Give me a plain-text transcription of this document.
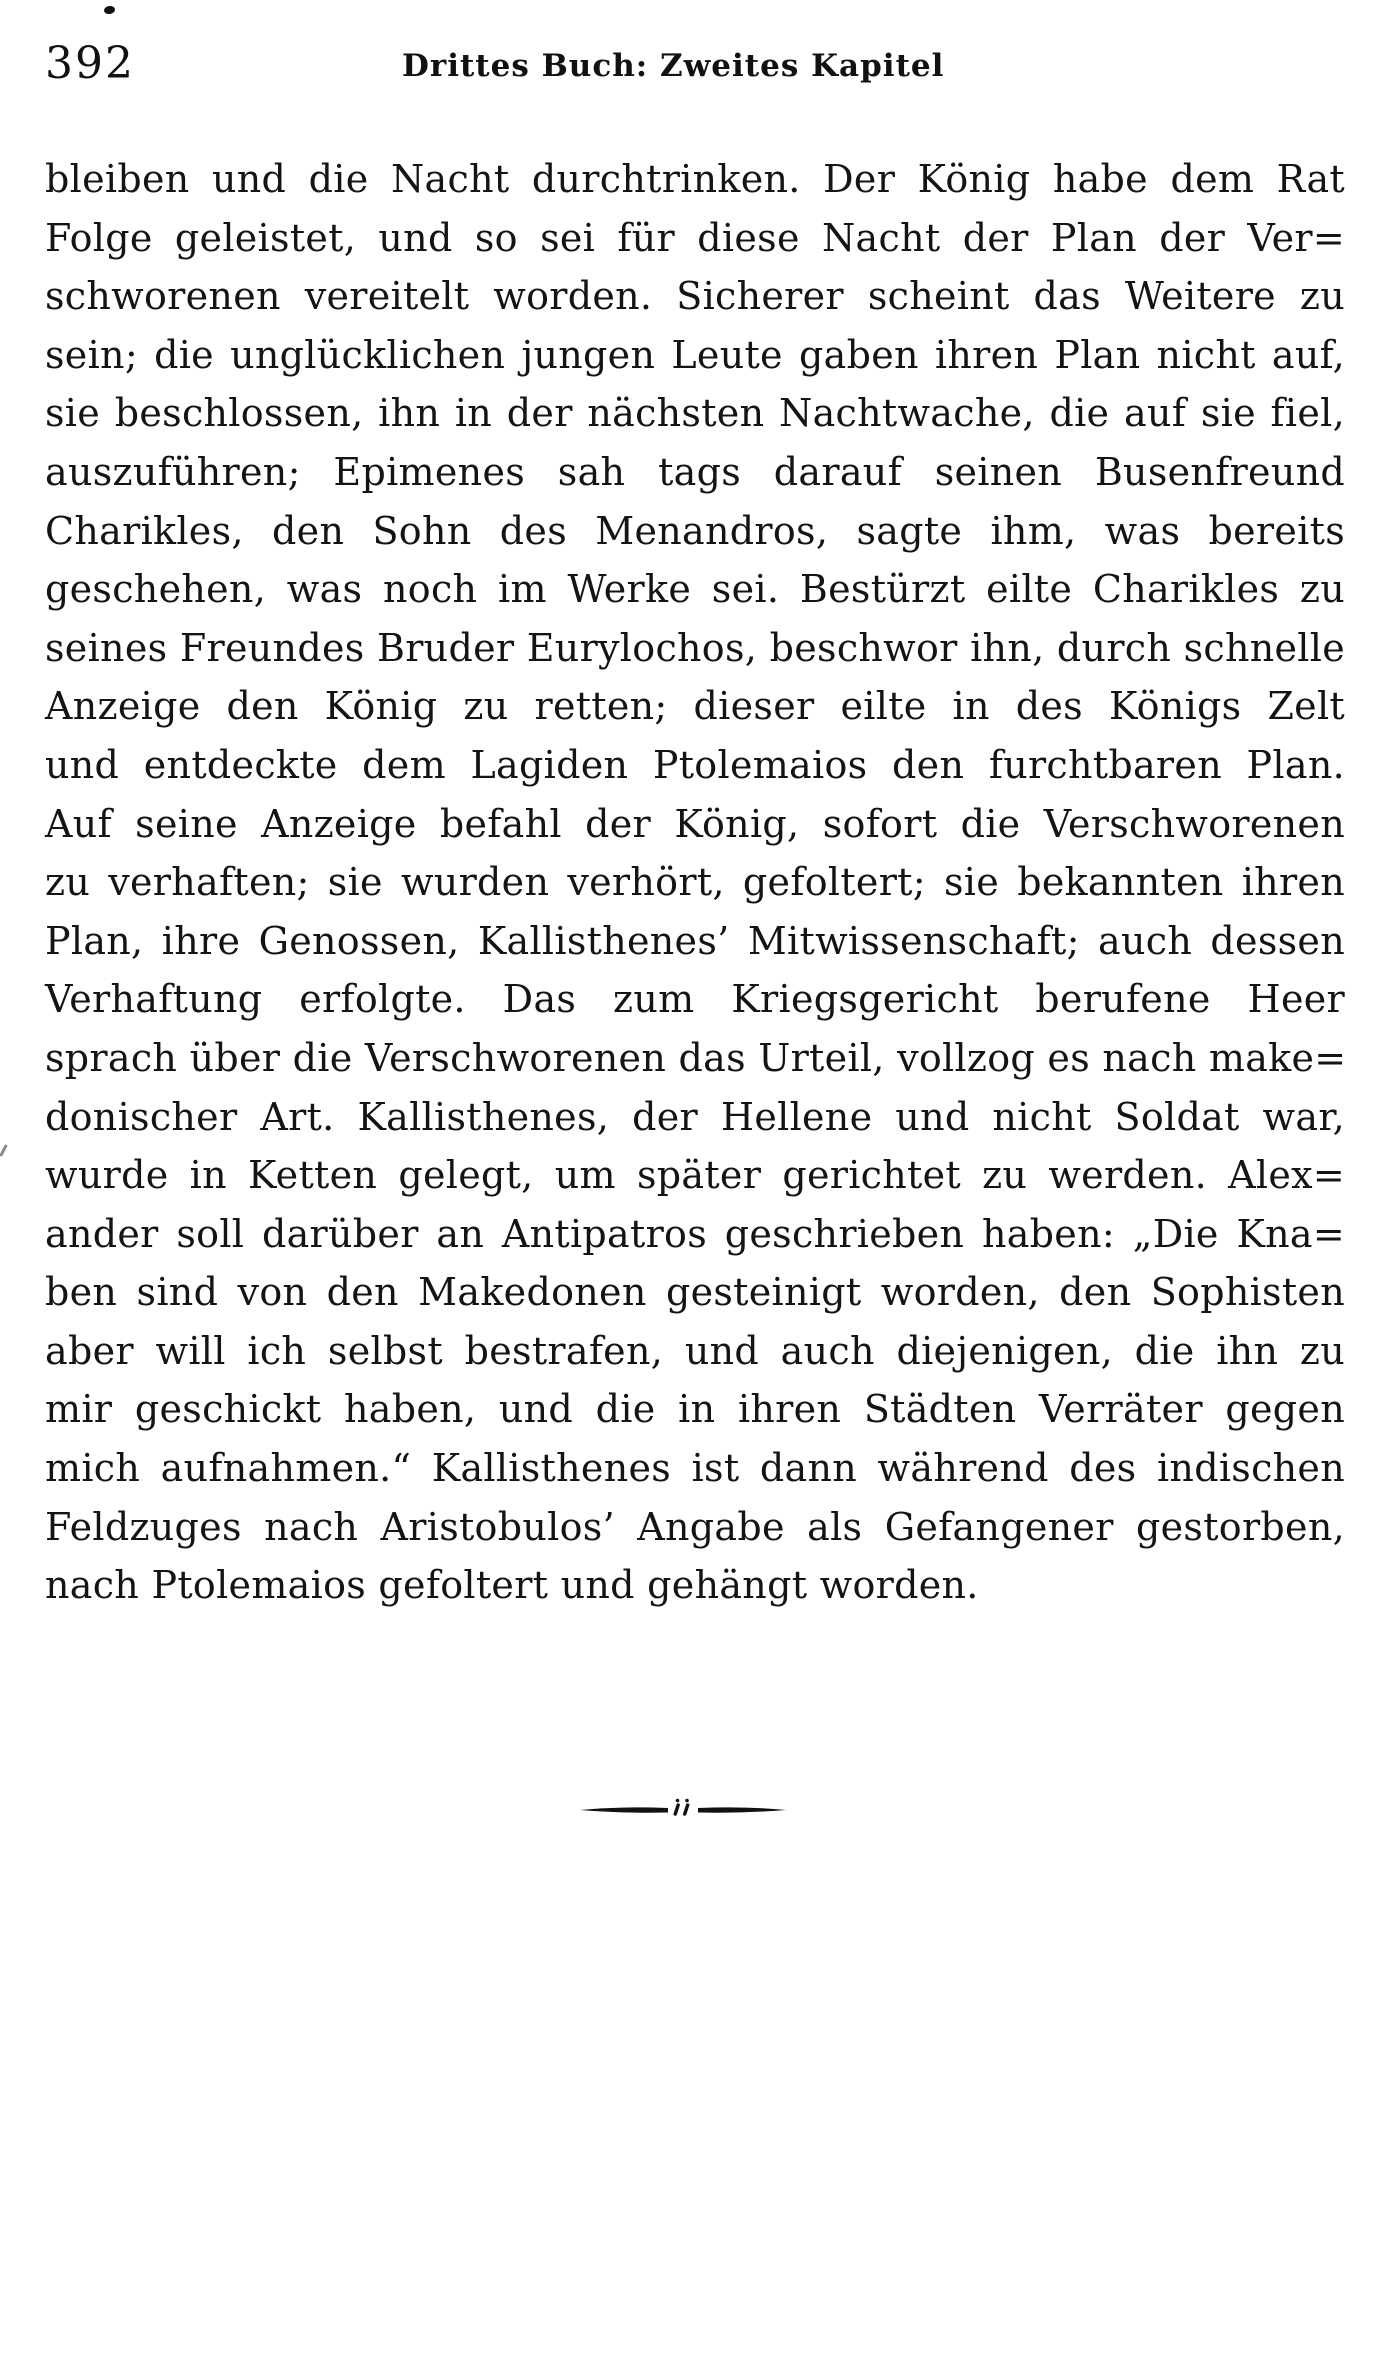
392	Drittes Buch: Zweites Kapitel
bleiben und die Nacht durchtrinken. Der König habe dem Rat
Folge geleistet, und so sei für diese Nacht der Plan der Ver=
schworenen vereitelt worden. Sicherer scheint das Weitere zu
sein; die unglücklichen jungen Leute gaben ihren Plan nicht auf,
sie beschlossen, ihn in der nächsten Nachtwache, die auf sie fiel,
auszuführen; Epimenes sah tags darauf seinen Busenfreund
Charikles, den Sohn des Menandros, sagte ihm, was bereits
geschehen, was noch im Werke sei. Bestürzt eilte Charikles zu
seines Freundes Bruder Eurylochos, beschwor ihn, durch schnelle
Anzeige den König zu retten; dieser eilte in des Königs Zelt
und entdeckte dem Lagiden Ptolemaios den furchtbaren Plan.
Auf seine Anzeige befahl der König, sofort die Verschworenen
zu verhaften; sie wurden verhört, gefoltert; sie bekannten ihren
Plan, ihre Genossen, Kallisthenes’ Mitwissenschaft; auch dessen
Verhaftung erfolgte. Das zum Kriegsgericht berufene Heer
sprach über die Verschworenen das Urteil, vollzog es nach make=
donischer Art. Kallisthenes, der Hellene und nicht Soldat war,
wurde in Ketten gelegt, um später gerichtet zu werden. Alex=
ander soll darüber an Antipatros geschrieben haben: „Die Kna=
ben sind von den Makedonen gesteinigt worden, den Sophisten
aber will ich selbst bestrafen, und auch diejenigen, die ihn zu
mir geschickt haben, und die in ihren Städten Verräter gegen
mich aufnahmen.“ Kallisthenes ist dann während des indischen
Feldzuges nach Aristobulos’ Angabe als Gefangener gestorben,
nach Ptolemaios gefoltert und gehängt worden.
